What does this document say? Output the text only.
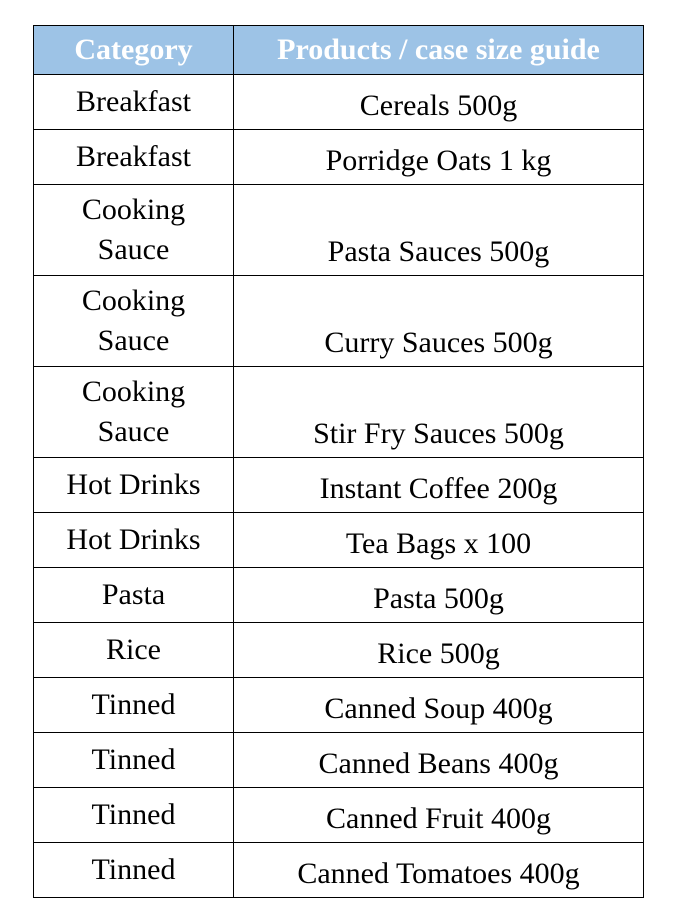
Category	Products / case size guide
Breakfast	Cereals 500g
Breakfast	Porridge Oats 1 kg
Cooking Sauce	Pasta Sauces 500g
Cooking Sauce	Curry Sauces 500g
Cooking Sauce	Stir Fry Sauces 500g
Hot Drinks	Instant Coffee 200g
Hot Drinks	Tea Bags x 100
Pasta	Pasta 500g
Rice	Rice 500g
Tinned	Canned Soup 400g
Tinned	Canned Beans 400g
Tinned	Canned Fruit 400g
Tinned	Canned Tomatoes 400g
